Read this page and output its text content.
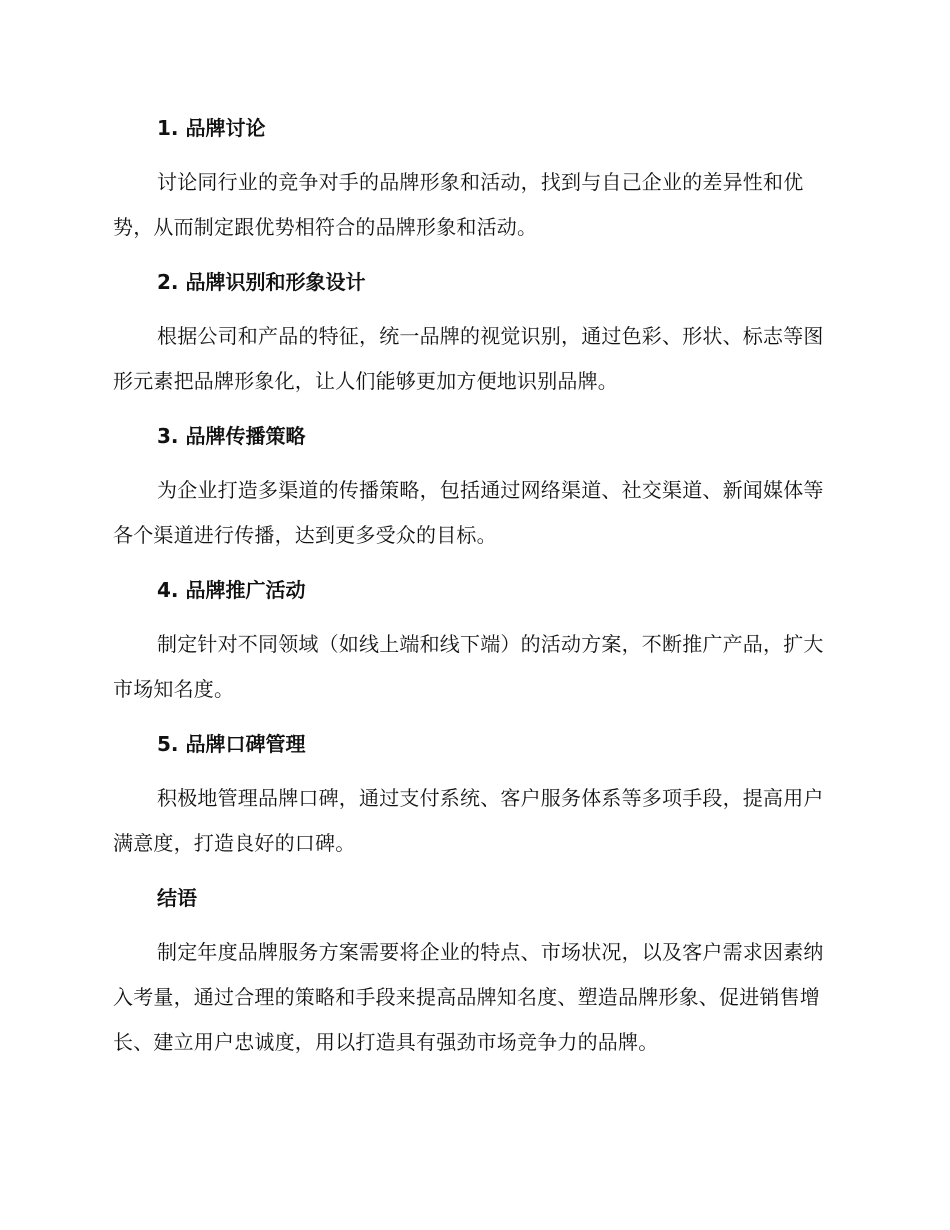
1. 品牌讨论

讨论同行业的竞争对手的品牌形象和活动，找到与自己企业的差异性和优势，从而制定跟优势相符合的品牌形象和活动。

2. 品牌识别和形象设计

根据公司和产品的特征，统一品牌的视觉识别，通过色彩、形状、标志等图形元素把品牌形象化，让人们能够更加方便地识别品牌。

3. 品牌传播策略

为企业打造多渠道的传播策略，包括通过网络渠道、社交渠道、新闻媒体等各个渠道进行传播，达到更多受众的目标。

4. 品牌推广活动

制定针对不同领域（如线上端和线下端）的活动方案，不断推广产品，扩大市场知名度。

5. 品牌口碑管理

积极地管理品牌口碑，通过支付系统、客户服务体系等多项手段，提高用户满意度，打造良好的口碑。

结语

制定年度品牌服务方案需要将企业的特点、市场状况，以及客户需求因素纳入考量，通过合理的策略和手段来提高品牌知名度、塑造品牌形象、促进销售增长、建立用户忠诚度，用以打造具有强劲市场竞争力的品牌。
